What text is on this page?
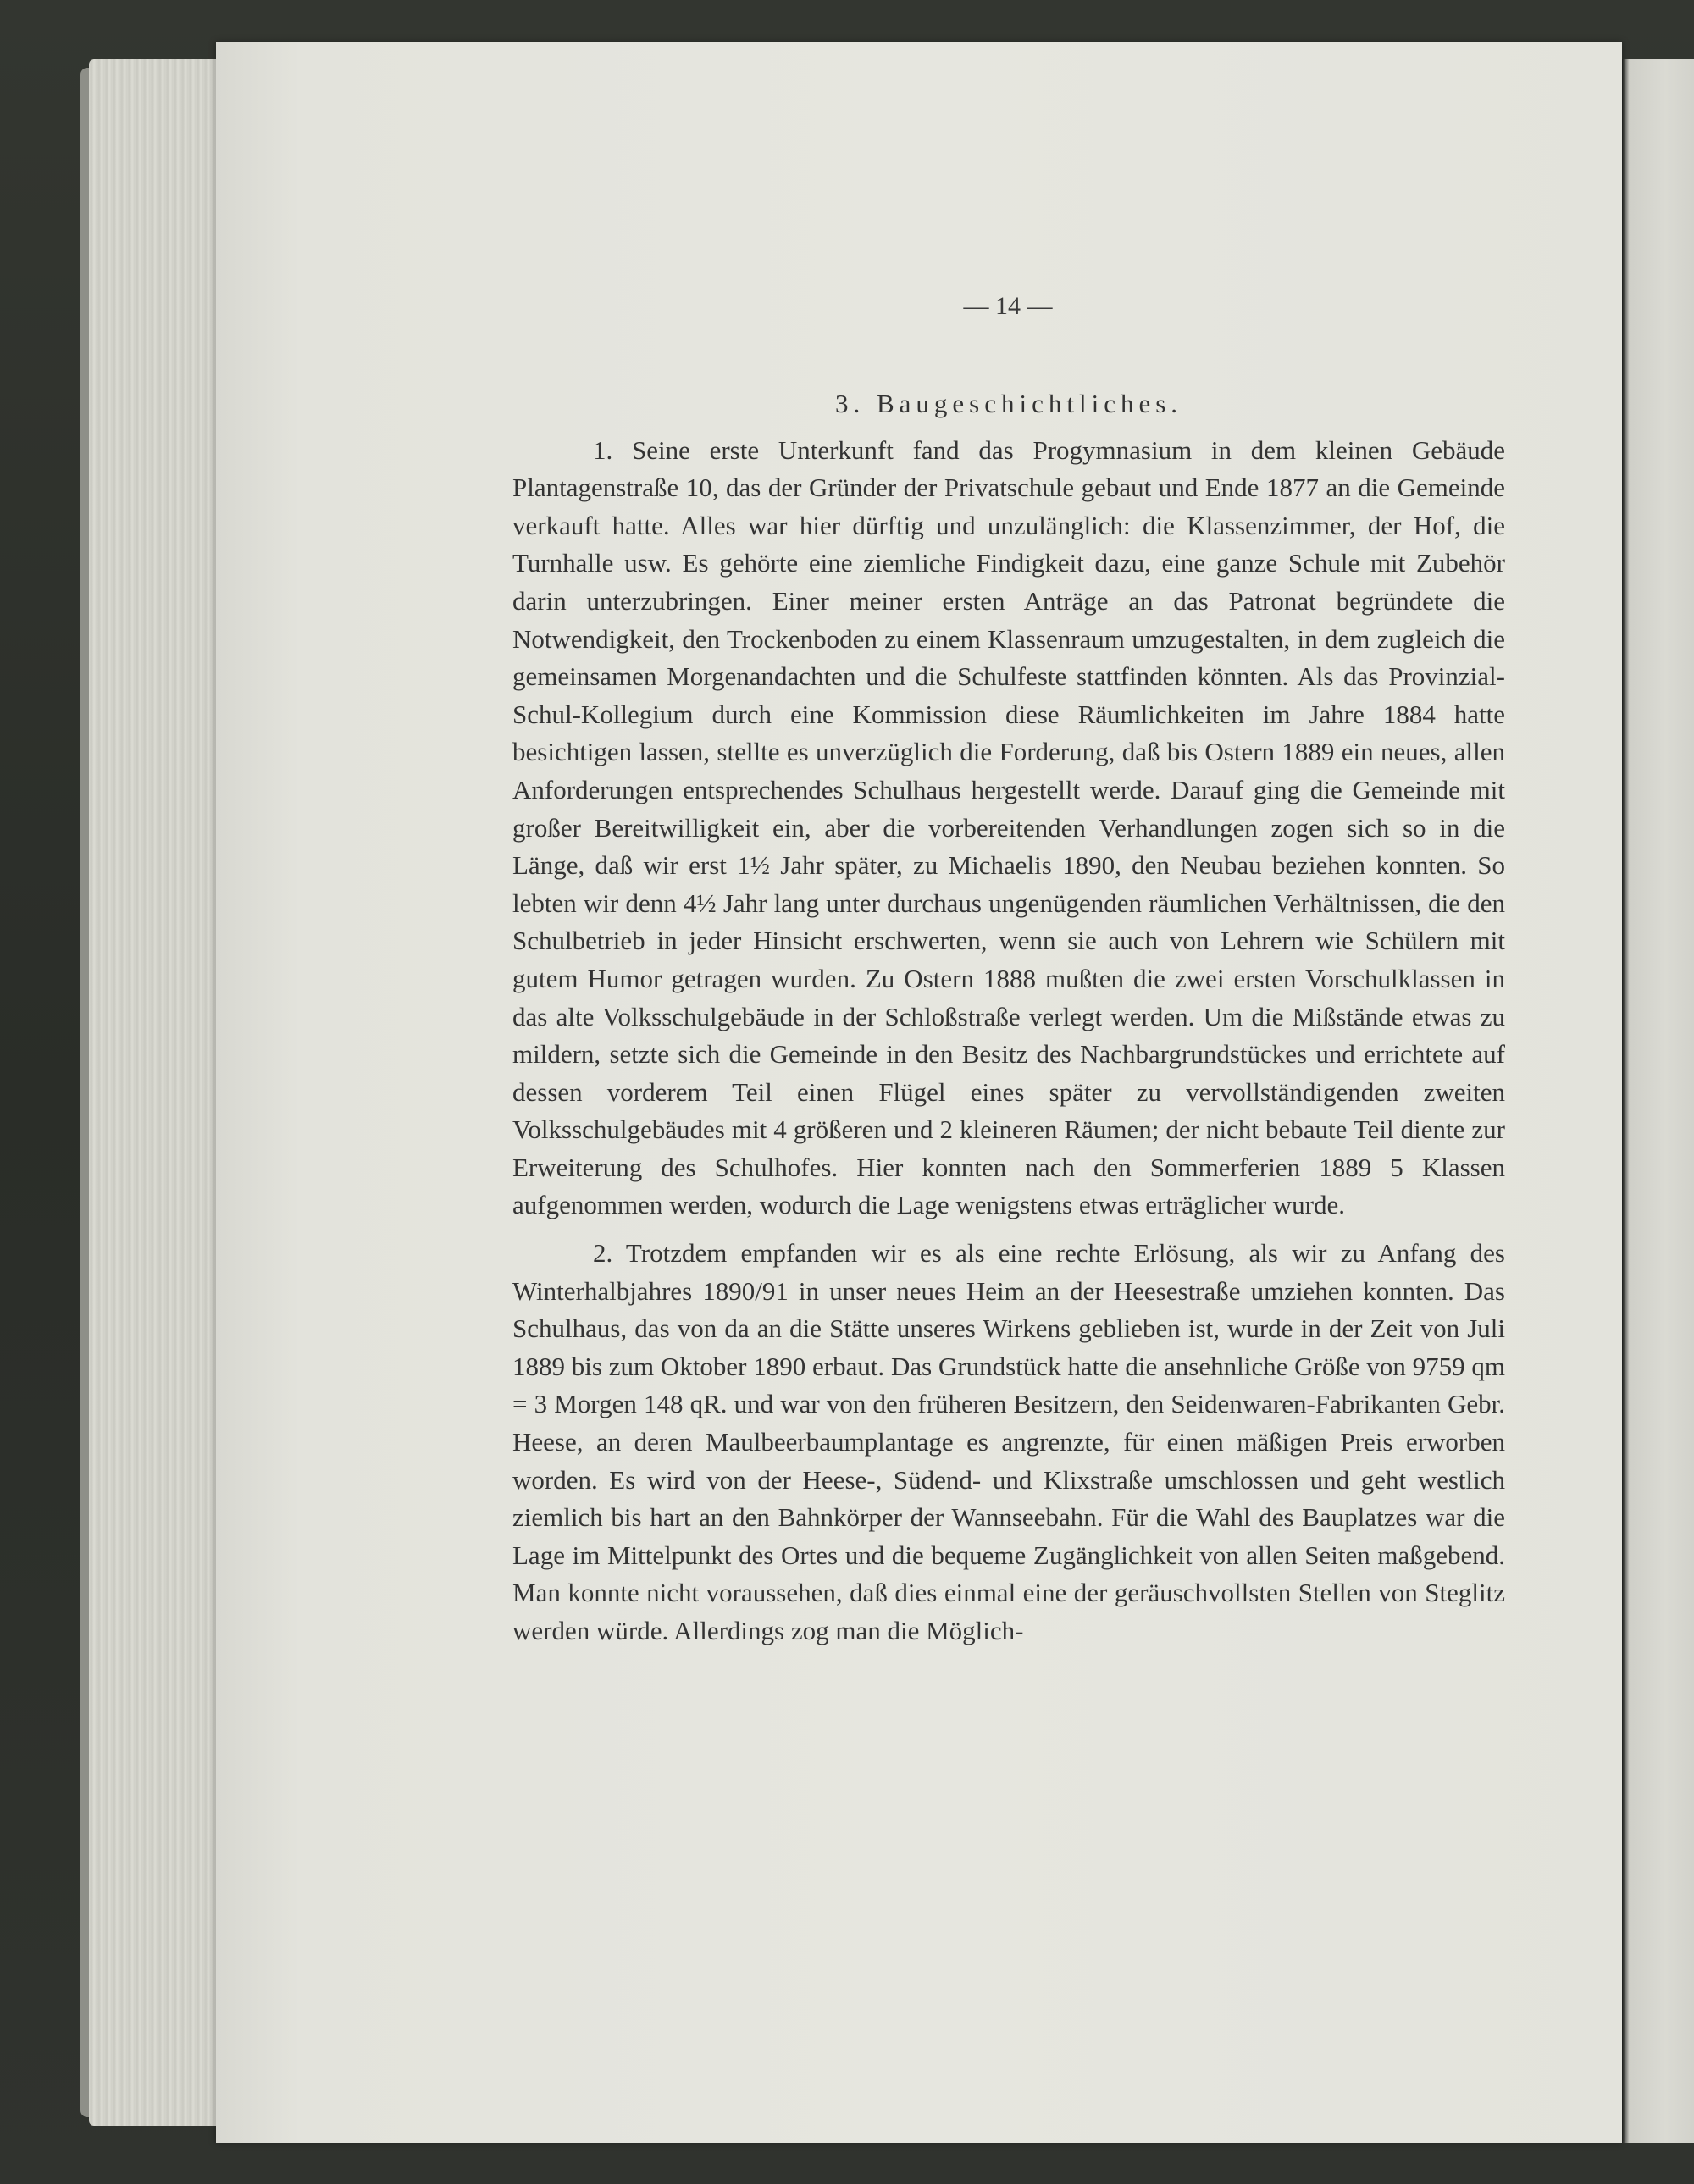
— 14 —

3. Baugeschichtliches.

1. Seine erste Unterkunft fand das Progymnasium in dem kleinen Gebäude Plantagenstraße 10, das der Gründer der Privatschule gebaut und Ende 1877 an die Gemeinde verkauft hatte. Alles war hier dürftig und unzulänglich: die Klassenzimmer, der Hof, die Turnhalle usw. Es gehörte eine ziemliche Findigkeit dazu, eine ganze Schule mit Zubehör darin unterzubringen. Einer meiner ersten Anträge an das Patronat begründete die Notwendigkeit, den Trockenboden zu einem Klassenraum umzugestalten, in dem zugleich die gemeinsamen Morgenandachten und die Schulfeste stattfinden könnten. Als das Provinzial-Schul-Kollegium durch eine Kommission diese Räumlichkeiten im Jahre 1884 hatte besichtigen lassen, stellte es unverzüglich die Forderung, daß bis Ostern 1889 ein neues, allen Anforderungen entsprechendes Schulhaus hergestellt werde. Darauf ging die Gemeinde mit großer Bereitwilligkeit ein, aber die vorbereitenden Verhandlungen zogen sich so in die Länge, daß wir erst 1½ Jahr später, zu Michaelis 1890, den Neubau beziehen konnten. So lebten wir denn 4½ Jahr lang unter durchaus ungenügenden räumlichen Verhältnissen, die den Schulbetrieb in jeder Hinsicht erschwerten, wenn sie auch von Lehrern wie Schülern mit gutem Humor getragen wurden. Zu Ostern 1888 mußten die zwei ersten Vorschulklassen in das alte Volksschulgebäude in der Schloßstraße verlegt werden. Um die Mißstände etwas zu mildern, setzte sich die Gemeinde in den Besitz des Nachbargrundstückes und errichtete auf dessen vorderem Teil einen Flügel eines später zu vervollständigenden zweiten Volksschulgebäudes mit 4 größeren und 2 kleineren Räumen; der nicht bebaute Teil diente zur Erweiterung des Schulhofes. Hier konnten nach den Sommerferien 1889 5 Klassen aufgenommen werden, wodurch die Lage wenigstens etwas erträglicher wurde.

2. Trotzdem empfanden wir es als eine rechte Erlösung, als wir zu Anfang des Winterhalbjahres 1890/91 in unser neues Heim an der Heesestraße umziehen konnten. Das Schulhaus, das von da an die Stätte unseres Wirkens geblieben ist, wurde in der Zeit von Juli 1889 bis zum Oktober 1890 erbaut. Das Grundstück hatte die ansehnliche Größe von 9759 qm = 3 Morgen 148 qR. und war von den früheren Besitzern, den Seidenwaren-Fabrikanten Gebr. Heese, an deren Maulbeerbaumplantage es angrenzte, für einen mäßigen Preis erworben worden. Es wird von der Heese-, Südend- und Klixstraße umschlossen und geht westlich ziemlich bis hart an den Bahnkörper der Wannseebahn. Für die Wahl des Bauplatzes war die Lage im Mittelpunkt des Ortes und die bequeme Zugänglichkeit von allen Seiten maßgebend. Man konnte nicht voraussehen, daß dies einmal eine der geräuschvollsten Stellen von Steglitz werden würde. Allerdings zog man die Möglich-
